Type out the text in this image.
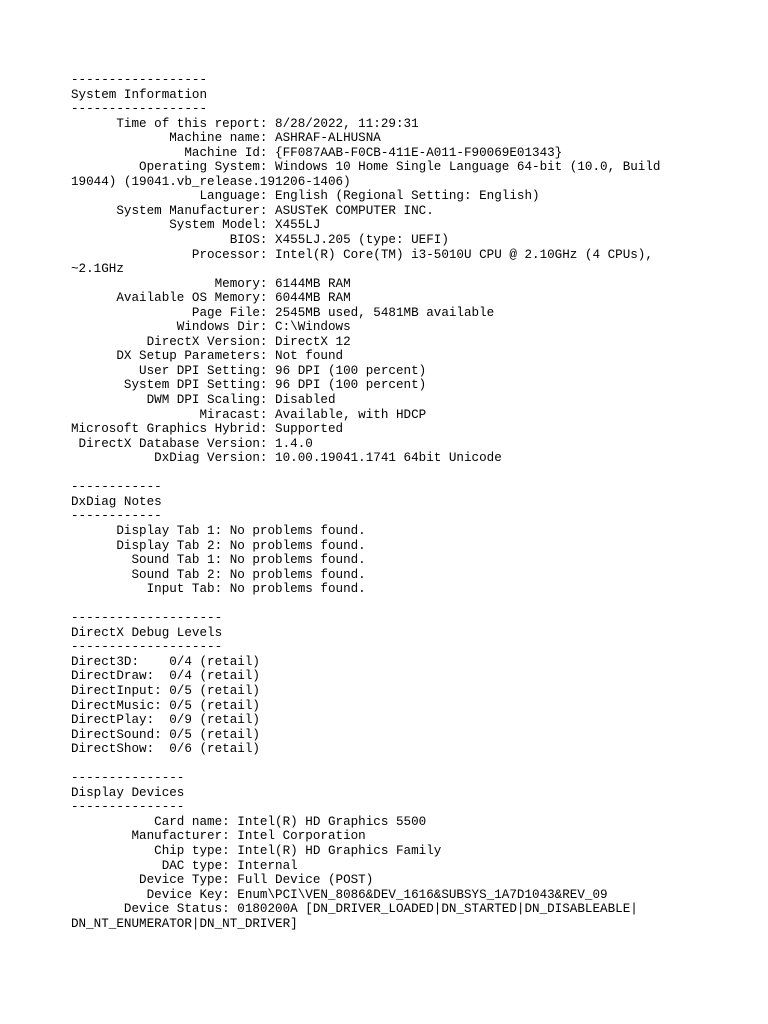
------------------
System Information
------------------
Time of this report: 8/28/2022, 11:29:31
Machine name: ASHRAF-ALHUSNA
Machine Id: {FF087AAB-F0CB-411E-A011-F90069E01343}
Operating System: Windows 10 Home Single Language 64-bit (10.0, Build
19044) (19041.vb_release.191206-1406)
Language: English (Regional Setting: English)
System Manufacturer: ASUSTeK COMPUTER INC.
System Model: X455LJ
BIOS: X455LJ.205 (type: UEFI)
Processor: Intel(R) Core(TM) i3-5010U CPU @ 2.10GHz (4 CPUs),
~2.1GHz
Memory: 6144MB RAM
Available OS Memory: 6044MB RAM
Page File: 2545MB used, 5481MB available
Windows Dir: C:\Windows
DirectX Version: DirectX 12
DX Setup Parameters: Not found
User DPI Setting: 96 DPI (100 percent)
System DPI Setting: 96 DPI (100 percent)
DWM DPI Scaling: Disabled
Miracast: Available, with HDCP
Microsoft Graphics Hybrid: Supported
DirectX Database Version: 1.4.0
DxDiag Version: 10.00.19041.1741 64bit Unicode

------------
DxDiag Notes
------------
Display Tab 1: No problems found.
Display Tab 2: No problems found.
Sound Tab 1: No problems found.
Sound Tab 2: No problems found.
Input Tab: No problems found.

--------------------
DirectX Debug Levels
--------------------
Direct3D:    0/4 (retail)
DirectDraw:  0/4 (retail)
DirectInput: 0/5 (retail)
DirectMusic: 0/5 (retail)
DirectPlay:  0/9 (retail)
DirectSound: 0/5 (retail)
DirectShow:  0/6 (retail)

---------------
Display Devices
---------------
Card name: Intel(R) HD Graphics 5500
Manufacturer: Intel Corporation
Chip type: Intel(R) HD Graphics Family
DAC type: Internal
Device Type: Full Device (POST)
Device Key: Enum\PCI\VEN_8086&DEV_1616&SUBSYS_1A7D1043&REV_09
Device Status: 0180200A [DN_DRIVER_LOADED|DN_STARTED|DN_DISABLEABLE|
DN_NT_ENUMERATOR|DN_NT_DRIVER]
